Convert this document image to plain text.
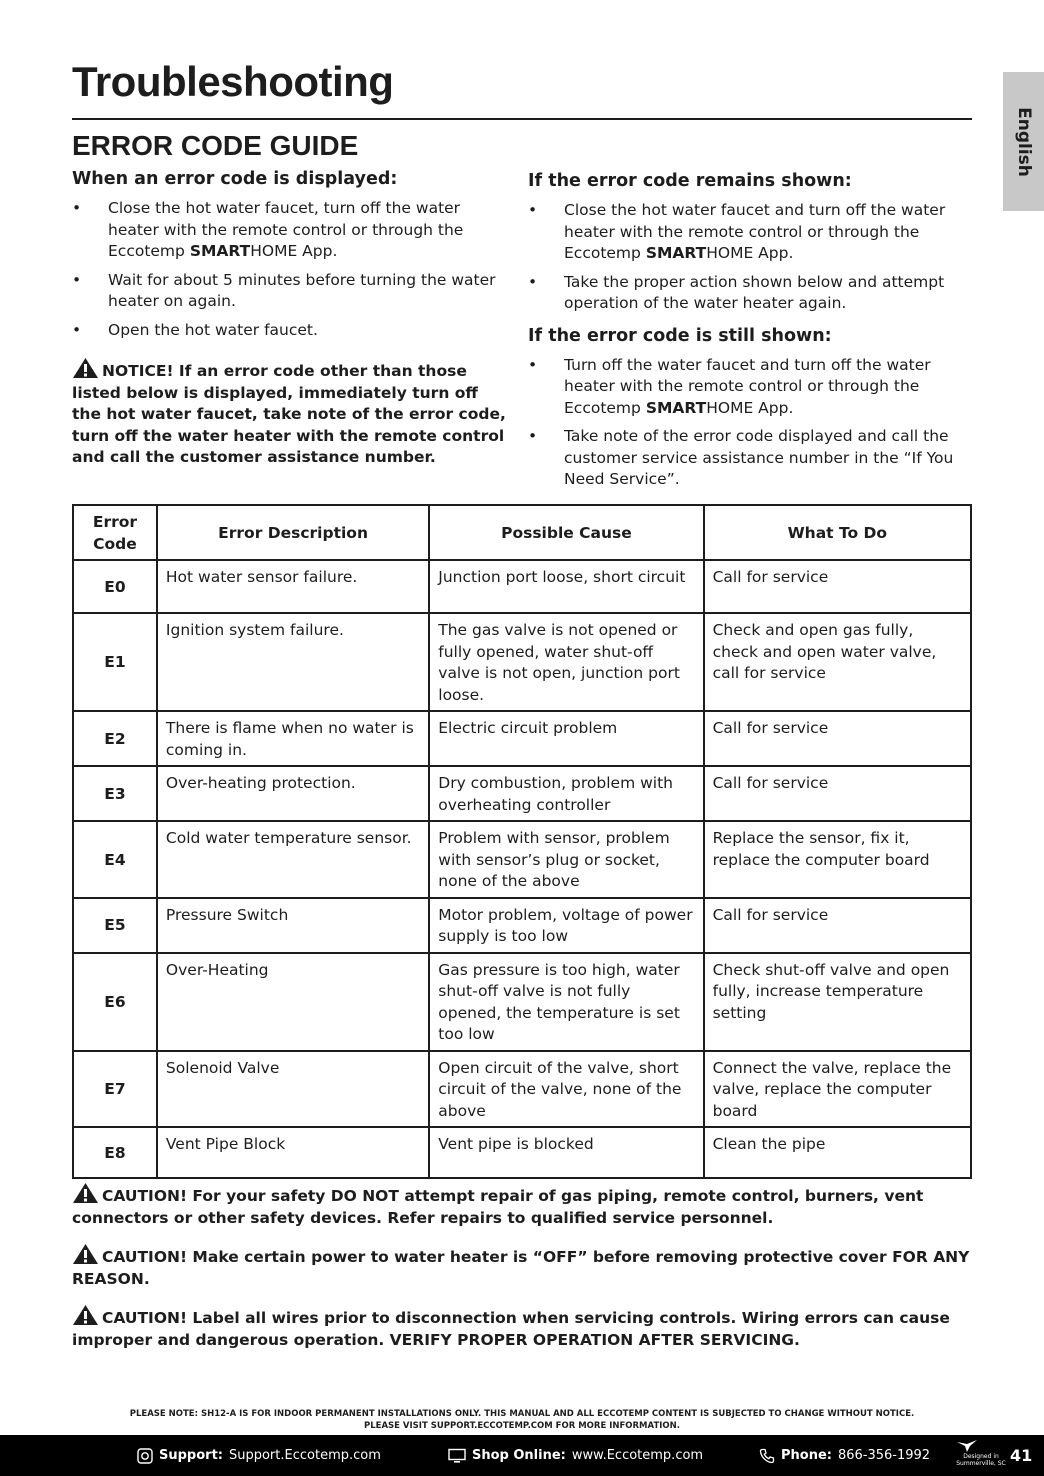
Troubleshooting
English
ERROR CODE GUIDE
When an error code is displayed:
• Close the hot water faucet, turn off the water heater with the remote control or through the Eccotemp SMARTHOME App.
• Wait for about 5 minutes before turning the water heater on again.
• Open the hot water faucet.

NOTICE! If an error code other than those listed below is displayed, immediately turn off the hot water faucet, take note of the error code, turn off the water heater with the remote control and call the customer assistance number.

If the error code remains shown:
• Close the hot water faucet and turn off the water heater with the remote control or through the Eccotemp SMARTHOME App.
• Take the proper action shown below and attempt operation of the water heater again.
If the error code is still shown:
• Turn off the water faucet and turn off the water heater with the remote control or through the Eccotemp SMARTHOME App.
• Take note of the error code displayed and call the customer service assistance number in the “If You Need Service”.
Error Code	Error Description	Possible Cause	What To Do
E0	Hot water sensor failure.	Junction port loose, short circuit	Call for service
E1	Ignition system failure.	The gas valve is not opened or fully opened, water shut-off valve is not open, junction port loose.	Check and open gas fully, check and open water valve, call for service
E2	There is flame when no water is coming in.	Electric circuit problem	Call for service
E3	Over-heating protection.	Dry combustion, problem with overheating controller	Call for service
E4	Cold water temperature sensor.	Problem with sensor, problem with sensor’s plug or socket, none of the above	Replace the sensor, fix it, replace the computer board
E5	Pressure Switch	Motor problem, voltage of power supply is too low	Call for service
E6	Over-Heating	Gas pressure is too high, water shut-off valve is not fully opened, the temperature is set too low	Check shut-off valve and open fully, increase temperature setting
E7	Solenoid Valve	Open circuit of the valve, short circuit of the valve, none of the above	Connect the valve, replace the valve, replace the computer board
E8	Vent Pipe Block	Vent pipe is blocked	Clean the pipe

CAUTION! For your safety DO NOT attempt repair of gas piping, remote control, burners, vent connectors or other safety devices. Refer repairs to qualified service personnel.

CAUTION! Make certain power to water heater is “OFF” before removing protective cover FOR ANY REASON.

CAUTION! Label all wires prior to disconnection when servicing controls. Wiring errors can cause improper and dangerous operation. VERIFY PROPER OPERATION AFTER SERVICING.

PLEASE NOTE: SH12-A IS FOR INDOOR PERMANENT INSTALLATIONS ONLY. THIS MANUAL AND ALL ECCOTEMP CONTENT IS SUBJECTED TO CHANGE WITHOUT NOTICE.
PLEASE VISIT SUPPORT.ECCOTEMP.COM FOR MORE INFORMATION.
Support: Support.Eccotemp.com	Shop Online: www.Eccotemp.com	Phone: 866-356-1992	Designed in
Summerville, SC 41
